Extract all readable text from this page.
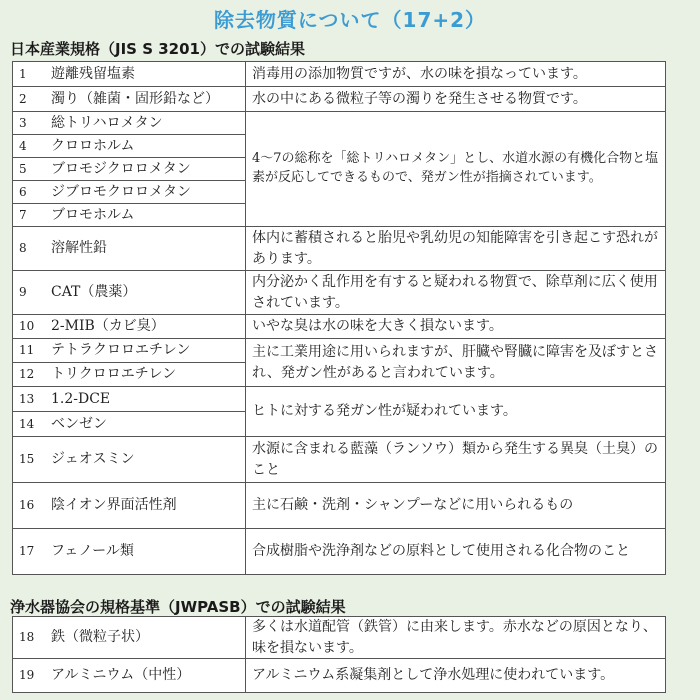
除去物質について（17+2）
日本産業規格（JIS S 3201）での試験結果
1 遊離残留塩素	消毒用の添加物質ですが、水の味を損なっています。
2 濁り（雑菌・固形鉛など）	水の中にある微粒子等の濁りを発生させる物質です。
3 総トリハロメタン	4～7の総称を「総トリハロメタン」とし、水道水源の有機化合物と塩素が反応してできるもので、発ガン性が指摘されています。
4 クロロホルム	
5 ブロモジクロロメタン	
6 ジブロモクロロメタン	
7 ブロモホルム	
8 溶解性鉛	体内に蓄積されると胎児や乳幼児の知能障害を引き起こす恐れがあります。
9 CAT（農薬）	内分泌かく乱作用を有すると疑われる物質で、除草剤に広く使用されています。
10 2-MIB（カビ臭）	いやな臭は水の味を大きく損ないます。
11 テトラクロロエチレン	主に工業用途に用いられますが、肝臓や腎臓に障害を及ぼすとされ、発ガン性があると言われています。
12 トリクロロエチレン	
13 1.2-DCE	ヒトに対する発ガン性が疑われています。
14 ベンゼン	
15 ジェオスミン	水源に含まれる藍藻（ランソウ）類から発生する異臭（土臭）のこと
16 陰イオン界面活性剤	主に石鹸・洗剤・シャンプーなどに用いられるもの
17 フェノール類	合成樹脂や洗浄剤などの原料として使用される化合物のこと
浄水器協会の規格基準（JWPASB）での試験結果
18 鉄（微粒子状）	多くは水道配管（鉄管）に由来します。赤水などの原因となり、味を損ないます。
19 アルミニウム（中性）	アルミニウム系凝集剤として浄水処理に使われています。
